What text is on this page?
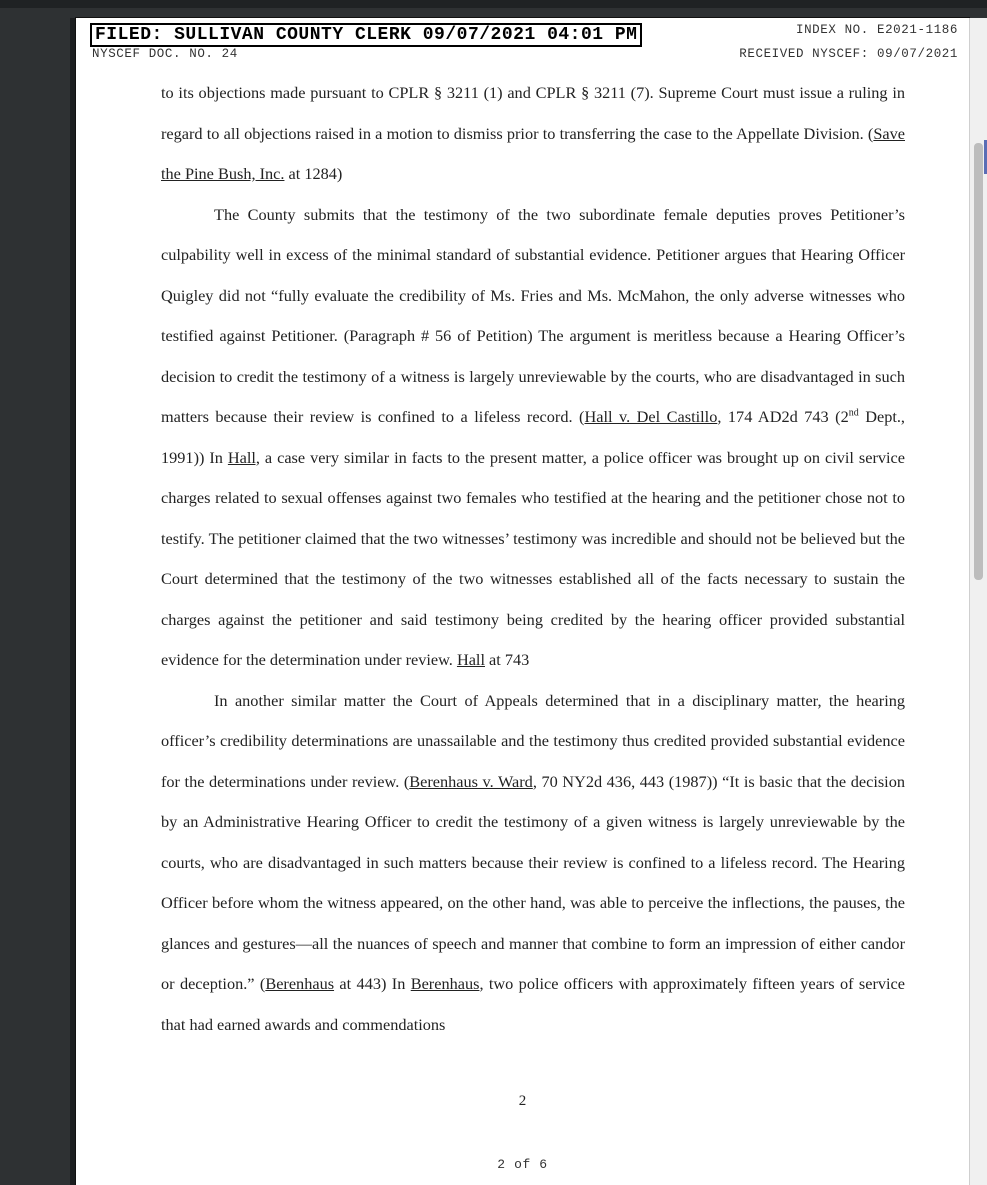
FILED: SULLIVAN COUNTY CLERK 09/07/2021 04:01 PM	INDEX NO. E2021-1186
NYSCEF DOC. NO. 24	RECEIVED NYSCEF: 09/07/2021

to its objections made pursuant to CPLR § 3211 (1) and CPLR § 3211 (7). Supreme Court must issue a ruling in regard to all objections raised in a motion to dismiss prior to transferring the case to the Appellate Division. (Save the Pine Bush, Inc. at 1284)

The County submits that the testimony of the two subordinate female deputies proves Petitioner’s culpability well in excess of the minimal standard of substantial evidence. Petitioner argues that Hearing Officer Quigley did not “fully evaluate the credibility of Ms. Fries and Ms. McMahon, the only adverse witnesses who testified against Petitioner. (Paragraph # 56 of Petition) The argument is meritless because a Hearing Officer’s decision to credit the testimony of a witness is largely unreviewable by the courts, who are disadvantaged in such matters because their review is confined to a lifeless record. (Hall v. Del Castillo, 174 AD2d 743 (2nd Dept., 1991)) In Hall, a case very similar in facts to the present matter, a police officer was brought up on civil service charges related to sexual offenses against two females who testified at the hearing and the petitioner chose not to testify. The petitioner claimed that the two witnesses’ testimony was incredible and should not be believed but the Court determined that the testimony of the two witnesses established all of the facts necessary to sustain the charges against the petitioner and said testimony being credited by the hearing officer provided substantial evidence for the determination under review. Hall at 743

In another similar matter the Court of Appeals determined that in a disciplinary matter, the hearing officer’s credibility determinations are unassailable and the testimony thus credited provided substantial evidence for the determinations under review. (Berenhaus v. Ward, 70 NY2d 436, 443 (1987)) “It is basic that the decision by an Administrative Hearing Officer to credit the testimony of a given witness is largely unreviewable by the courts, who are disadvantaged in such matters because their review is confined to a lifeless record. The Hearing Officer before whom the witness appeared, on the other hand, was able to perceive the inflections, the pauses, the glances and gestures—all the nuances of speech and manner that combine to form an impression of either candor or deception.” (Berenhaus at 443) In Berenhaus, two police officers with approximately fifteen years of service that had earned awards and commendations

2
2 of 6
